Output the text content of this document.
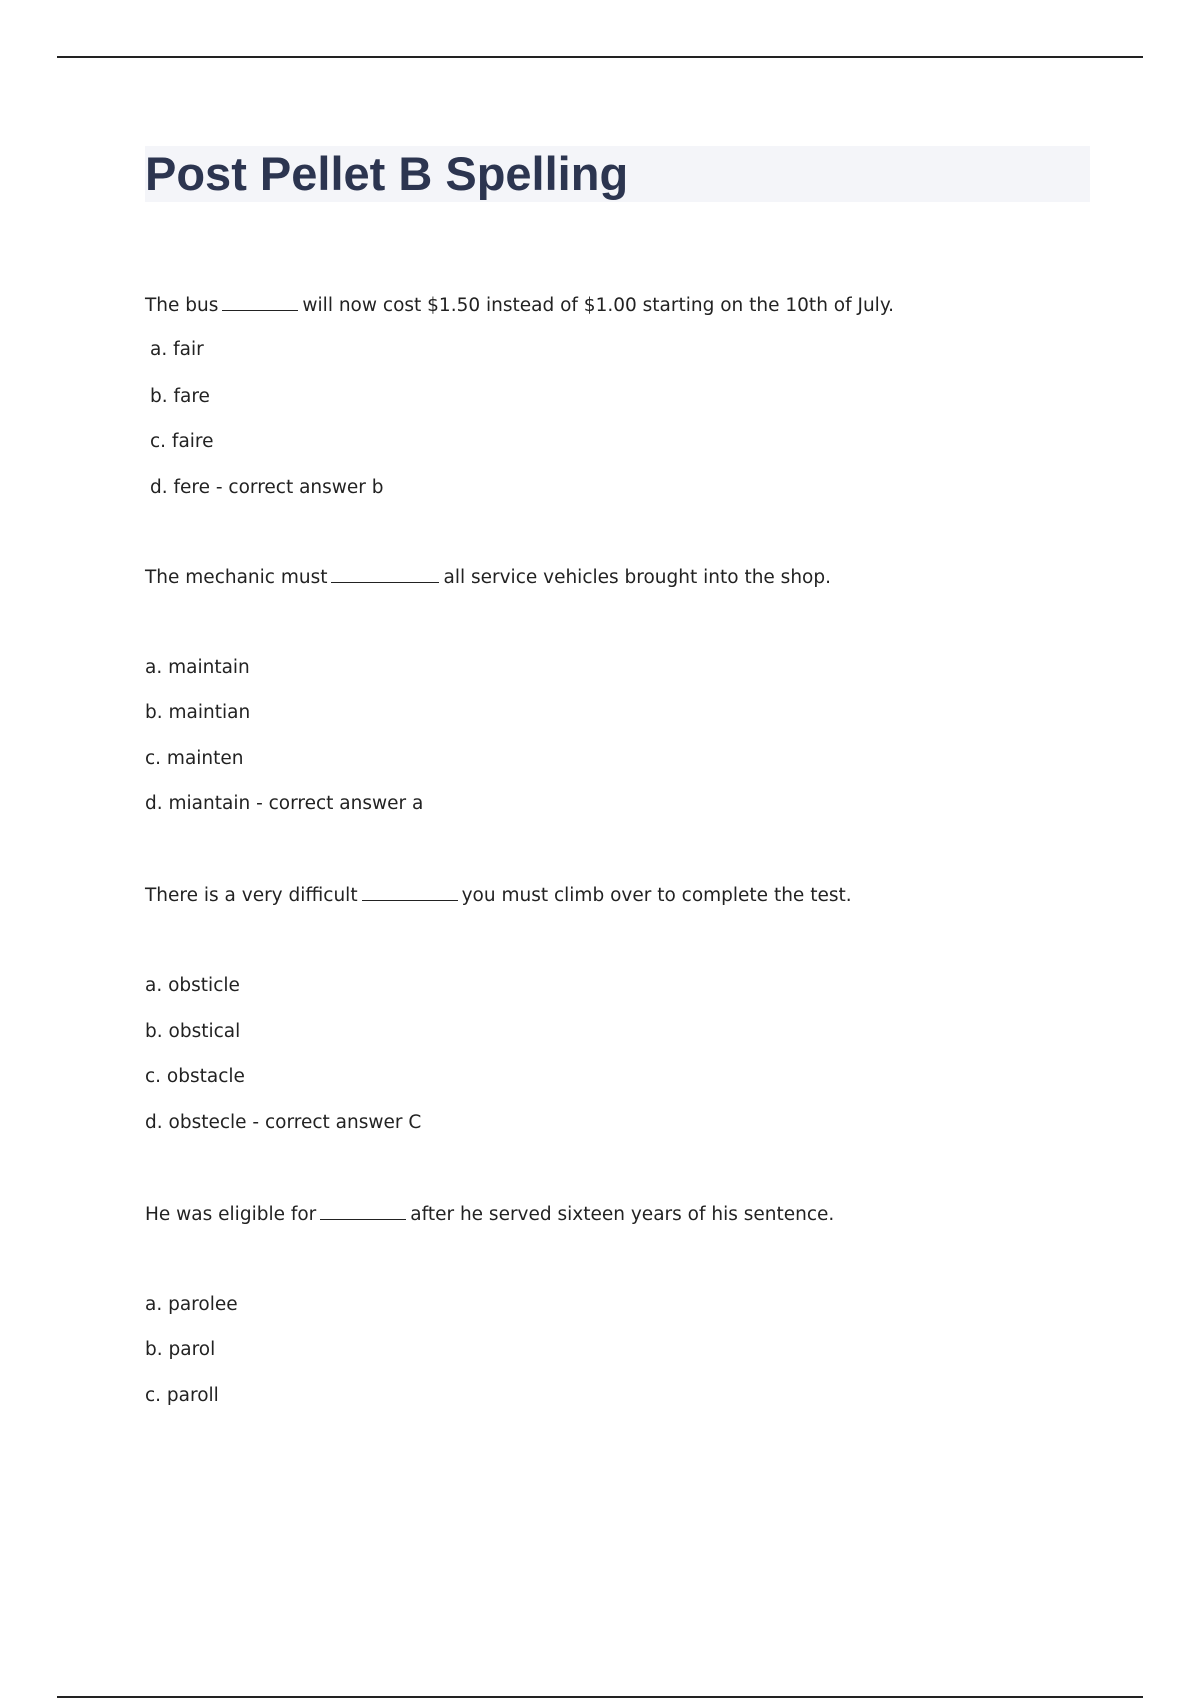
Post Pellet B Spelling
The bus	will now cost $1.50 instead of $1.00 starting on the 10th of July.
a. fair
b. fare
c. faire
d. fere - correct answer b
The mechanic must	all service vehicles brought into the shop.
a. maintain
b. maintian
c. mainten
d. miantain - correct answer a
There is a very difficult	you must climb over to complete the test.
a. obsticle
b. obstical
c. obstacle
d. obstecle - correct answer C
He was eligible for	after he served sixteen years of his sentence.
a. parolee
b. parol
c. paroll
